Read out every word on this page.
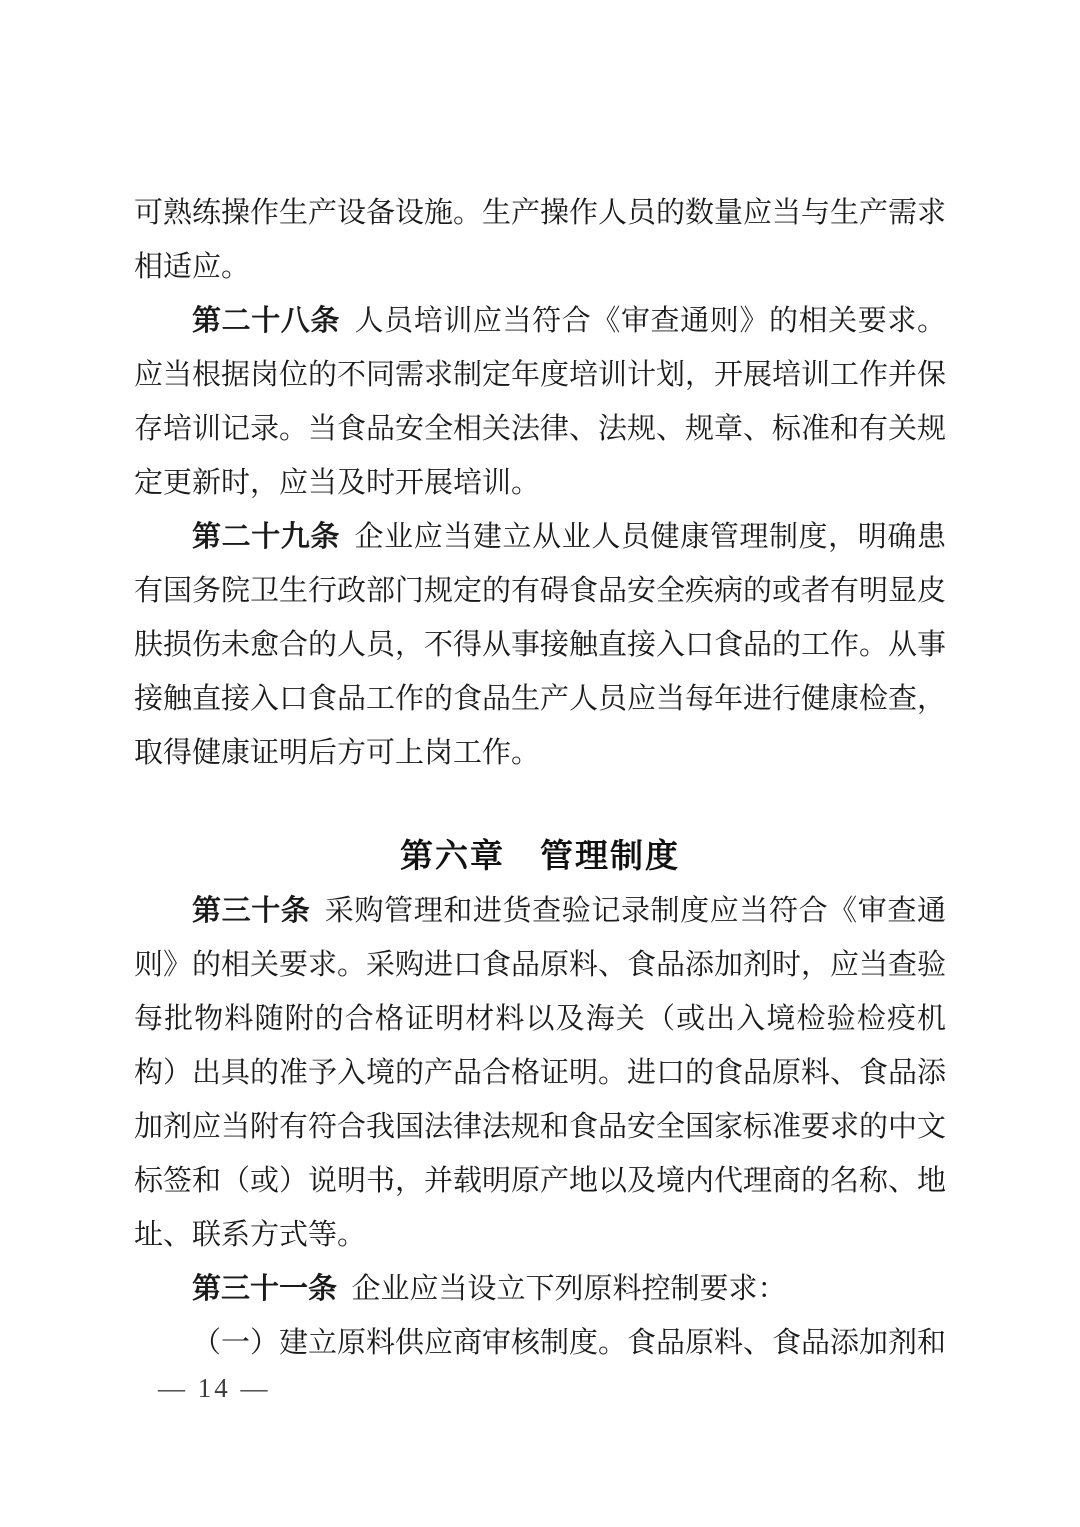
可熟练操作生产设备设施。生产操作人员的数量应当与生产需求相适应。

第二十八条 人员培训应当符合《审查通则》的相关要求。应当根据岗位的不同需求制定年度培训计划，开展培训工作并保存培训记录。当食品安全相关法律、法规、规章、标准和有关规定更新时，应当及时开展培训。

第二十九条 企业应当建立从业人员健康管理制度，明确患有国务院卫生行政部门规定的有碍食品安全疾病的或者有明显皮肤损伤未愈合的人员，不得从事接触直接入口食品的工作。从事接触直接入口食品工作的食品生产人员应当每年进行健康检查，取得健康证明后方可上岗工作。

第六章　管理制度

第三十条 采购管理和进货查验记录制度应当符合《审查通则》的相关要求。采购进口食品原料、食品添加剂时，应当查验每批物料随附的合格证明材料以及海关（或出入境检验检疫机构）出具的准予入境的产品合格证明。进口的食品原料、食品添加剂应当附有符合我国法律法规和食品安全国家标准要求的中文标签和（或）说明书，并载明原产地以及境内代理商的名称、地址、联系方式等。

第三十一条 企业应当设立下列原料控制要求：

（一）建立原料供应商审核制度。食品原料、食品添加剂和

— 14 —
